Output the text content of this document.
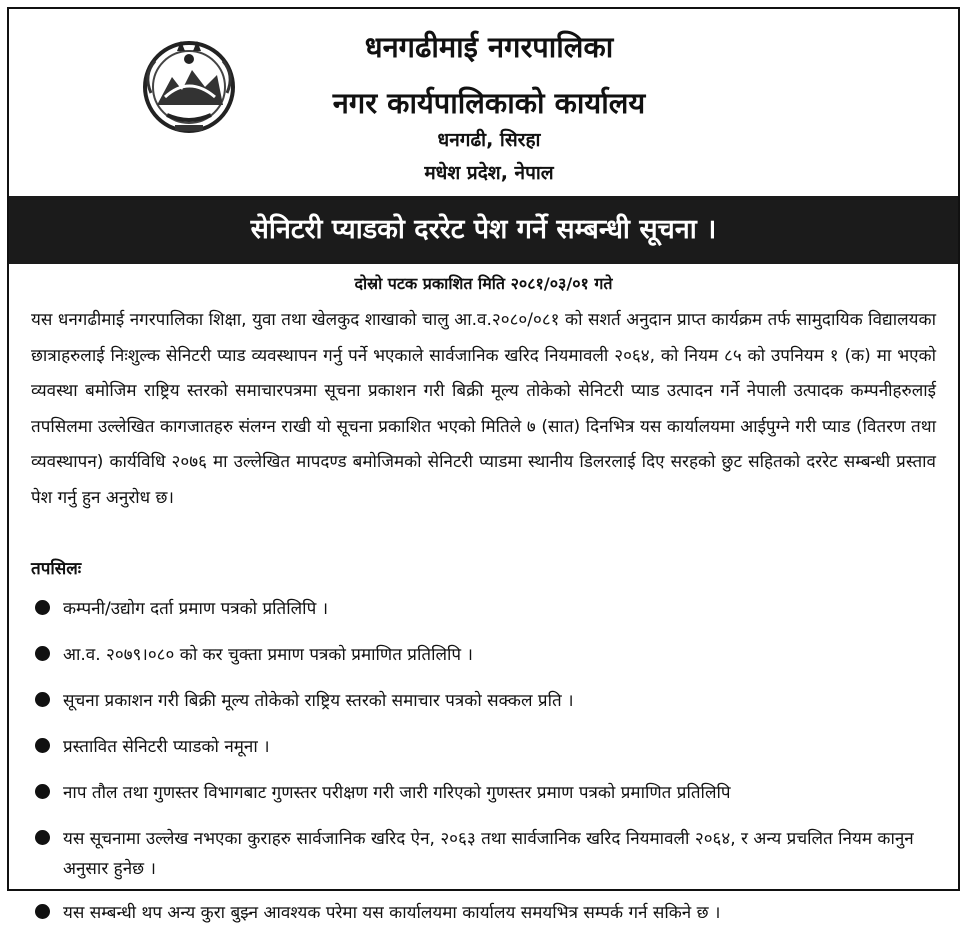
धनगढीमाई नगरपालिका
नगर कार्यपालिकाको कार्यालय
धनगढी, सिरहा
मधेश प्रदेश, नेपाल
सेनिटरी प्याडको दररेट पेश गर्ने सम्बन्धी सूचना ।
दोस्रो पटक प्रकाशित मिति २०८१/०३/०१ गते

यस धनगढीमाई नगरपालिका शिक्षा, युवा तथा खेलकुद शाखाको चालु आ.व.२०८०/०८१ को सशर्त अनुदान प्राप्त कार्यक्रम तर्फ सामुदायिक विद्यालयका छात्राहरुलाई निःशुल्क सेनिटरी प्याड व्यवस्थापन गर्नु पर्ने भएकाले सार्वजानिक खरिद नियमावली २०६४, को नियम ८५ को उपनियम १ (क) मा भएको व्यवस्था बमोजिम राष्ट्रिय स्तरको समाचारपत्रमा सूचना प्रकाशन गरी बिक्री मूल्य तोकेको सेनिटरी प्याड उत्पादन गर्ने नेपाली उत्पादक कम्पनीहरुलाई तपसिलमा उल्लेखित कागजातहरु संलग्न राखी यो सूचना प्रकाशित भएको मितिले ७ (सात) दिनभित्र यस कार्यालयमा आईपुग्ने गरी प्याड (वितरण तथा व्यवस्थापन) कार्यविधि २०७६ मा उल्लेखित मापदण्ड बमोजिमको सेनिटरी प्याडमा स्थानीय डिलरलाई दिए सरहको छुट सहितको दररेट सम्बन्धी प्रस्ताव पेश गर्नु हुन अनुरोध छ।

तपसिलः
कम्पनी/उद्योग दर्ता प्रमाण पत्रको प्रतिलिपि ।
आ.व. २०७९।०८० को कर चुक्ता प्रमाण पत्रको प्रमाणित प्रतिलिपि ।
सूचना प्रकाशन गरी बिक्री मूल्य तोकेको राष्ट्रिय स्तरको समाचार पत्रको सक्कल प्रति ।
प्रस्तावित सेनिटरी प्याडको नमूना ।
नाप तौल तथा गुणस्तर विभागबाट गुणस्तर परीक्षण गरी जारी गरिएको गुणस्तर प्रमाण पत्रको प्रमाणित प्रतिलिपि
यस सूचनामा उल्लेख नभएका कुराहरु सार्वजानिक खरिद ऐन, २०६३ तथा सार्वजानिक खरिद नियमावली २०६४, र अन्य प्रचलित नियम कानुन अनुसार हुनेछ ।
यस सम्बन्धी थप अन्य कुरा बुझ्न आवश्यक परेमा यस कार्यालयमा कार्यालय समयभित्र सम्पर्क गर्न सकिने छ ।
